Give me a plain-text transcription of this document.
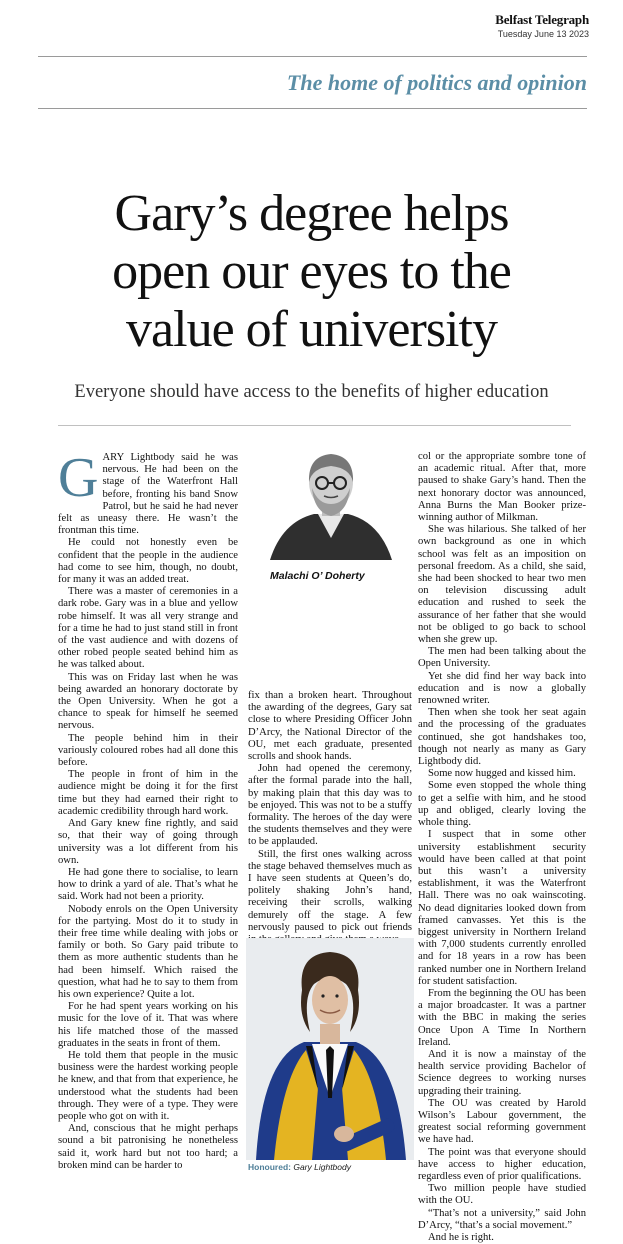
Belfast Telegraph
Tuesday June 13 2023
The home of politics and opinion
Gary’s degree helps
open our eyes to the
value of university
Everyone should have access to the benefits of higher education

GARY Lightbody said he was nervous. He had been on the stage of the Waterfront Hall before, fronting his band Snow Patrol, but he said he had never felt as uneasy there. He wasn’t the frontman this time.

He could not honestly even be confident that the people in the audience had come to see him, though, no doubt, for many it was an added treat.

There was a master of ceremonies in a dark robe. Gary was in a blue and yellow robe himself. It was all very strange and for a time he had to just stand still in front of the vast audience and with dozens of other robed people seated behind him as he was talked about.

This was on Friday last when he was being awarded an honorary doctorate by the Open University. When he got a chance to speak for himself he seemed nervous.

The people behind him in their variously coloured robes had all done this before.

The people in front of him in the audience might be doing it for the first time but they had earned their right to academic credibility through hard work.

And Gary knew fine rightly, and said so, that their way of going through university was a lot different from his own.

He had gone there to socialise, to learn how to drink a yard of ale. That’s what he said. Work had not been a priority.

Nobody enrols on the Open University for the partying. Most do it to study in their free time while dealing with jobs or family or both. So Gary paid tribute to them as more authentic students than he had been himself. Which raised the question, what had he to say to them from his own experience? Quite a lot.

For he had spent years working on his music for the love of it. That was where his life matched those of the massed graduates in the seats in front of them.

He told them that people in the music business were the hardest working people he knew, and that from that experience, he understood what the students had been through. They were of a type. They were people who got on with it.

And, conscious that he might perhaps sound a bit patronising he nonetheless said it, work hard but not too hard; a broken mind can be harder to

Malachi O’ Doherty

fix than a broken heart. Throughout the awarding of the degrees, Gary sat close to where Presiding Officer John D’Arcy, the National Director of the OU, met each graduate, presented scrolls and shook hands.

John had opened the ceremony, after the formal parade into the hall, by making plain that this day was to be enjoyed. This was not to be a stuffy formality. The heroes of the day were the students themselves and they were to be applauded.

Still, the first ones walking across the stage behaved themselves much as I have seen students at Queen’s do, politely shaking John’s hand, receiving their scrolls, walking demurely off the stage. A few nervously paused to pick out friends

Honoured: Gary Lightbody

col or the appropriate sombre tone of an academic ritual. After that, more paused to shake Gary’s hand. Then the next honorary doctor was announced, Anna Burns the Man Booker prize-winning author of Milkman.

She was hilarious. She talked of her own background as one in which school was felt as an imposition on personal freedom. As a child, she said, she had been shocked to hear two men on television discussing adult education and rushed to seek the assurance of her father that she would not be obliged to go back to school when she grew up.

The men had been talking about the Open University.

Yet she did find her way back into education and is now a globally renowned writer.

Then when she took her seat again and the processing of the graduates continued, she got handshakes too, though not nearly as many as Gary Lightbody did.

Some now hugged and kissed him.

Some even stopped the whole thing to get a selfie with him, and he stood up and obliged, clearly loving the whole thing.

I suspect that in some other university establishment security would have been called at that point but this wasn’t a university establishment, it was the Waterfront Hall. There was no oak wainscoting. No dead dignitaries looked down from framed canvasses. Yet this is the biggest university in Northern Ireland with 7,000 students currently enrolled and for 18 years in a row has been ranked number one in Northern Ireland for student satisfaction.

From the beginning the OU has been a major broadcaster. It was a partner with the BBC in making the series Once Upon A Time In Northern Ireland.

And it is now a mainstay of the health service providing Bachelor of Science degrees to working nurses upgrading their training.

The OU was created by Harold Wilson’s Labour government, the greatest social reforming government we have had.

The point was that everyone should have access to higher education, regardless even of prior qualifications.

Two million people have studied with the OU.

“That’s not a university,” said John D’Arcy, “that’s a social movement.”

And he is right.
